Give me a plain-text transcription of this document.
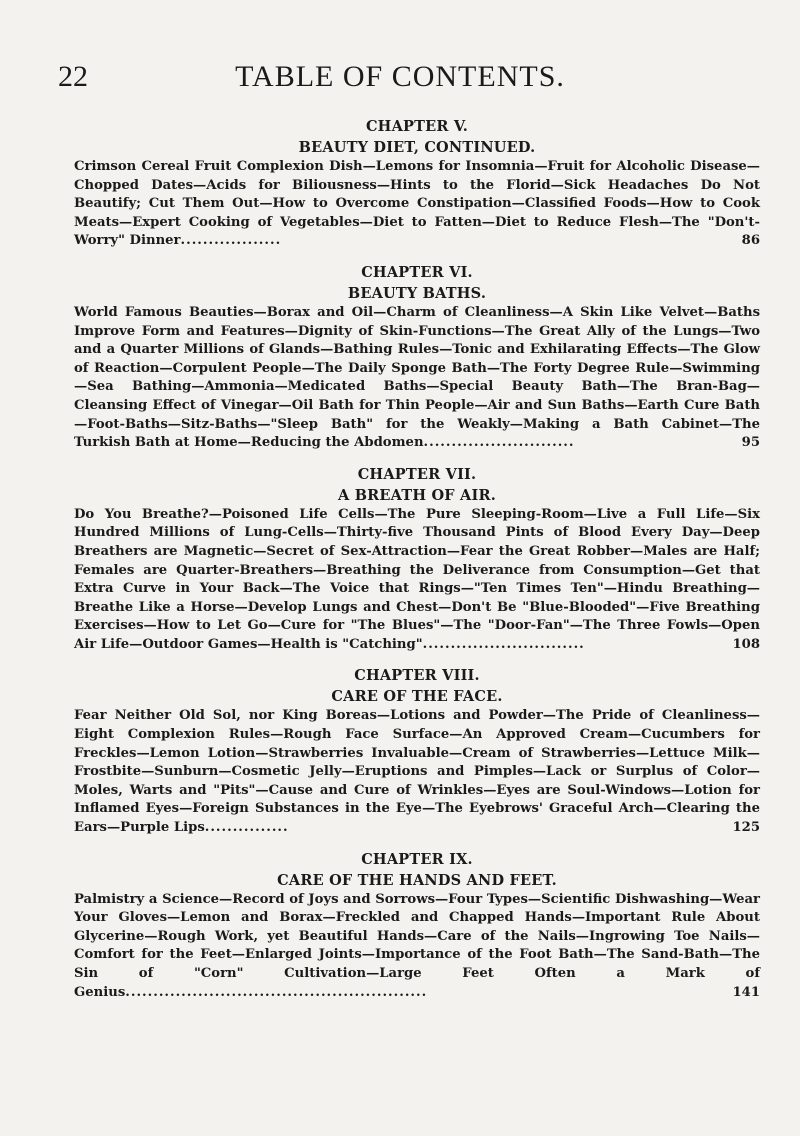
22	TABLE OF CONTENTS.
CHAPTER V.
BEAUTY DIET, CONTINUED.
Crimson Cereal Fruit Complexion Dish—Lemons for Insomnia—Fruit for Alcoholic Disease—Chopped Dates—Acids for Biliousness—Hints to the Florid—Sick Headaches Do Not Beautify; Cut Them Out—How to Overcome Constipation—Classified Foods—How to Cook Meats—Expert Cooking of Vegetables—Diet to Fatten—Diet to Reduce Flesh—The "Don't-Worry" Dinner..................	86
CHAPTER VI.
BEAUTY BATHS.
World Famous Beauties—Borax and Oil—Charm of Cleanliness—A Skin Like Velvet—Baths Improve Form and Features—Dignity of Skin-Functions—The Great Ally of the Lungs—Two and a Quarter Millions of Glands—Bathing Rules—Tonic and Exhilarating Effects—The Glow of Reaction—Corpulent People—The Daily Sponge Bath—The Forty Degree Rule—Swimming—Sea Bathing—Ammonia—Medicated Baths—Special Beauty Bath—The Bran-Bag—Cleansing Effect of Vinegar—Oil Bath for Thin People—Air and Sun Baths—Earth Cure Bath—Foot-Baths—Sitz-Baths—"Sleep Bath" for the Weakly—Making a Bath Cabinet—The Turkish Bath at Home—Reducing the Abdomen...........................	95
CHAPTER VII.
A BREATH OF AIR.
Do You Breathe?—Poisoned Life Cells—The Pure Sleeping-Room—Live a Full Life—Six Hundred Millions of Lung-Cells—Thirty-five Thousand Pints of Blood Every Day—Deep Breathers are Magnetic—Secret of Sex-Attraction—Fear the Great Robber—Males are Half; Females are Quarter-Breathers—Breathing the Deliverance from Consumption—Get that Extra Curve in Your Back—The Voice that Rings—"Ten Times Ten"—Hindu Breathing—Breathe Like a Horse—Develop Lungs and Chest—Don't Be "Blue-Blooded"—Five Breathing Exercises—How to Let Go—Cure for "The Blues"—The "Door-Fan"—The Three Fowls—Open Air Life—Outdoor Games—Health is "Catching".............................	108
CHAPTER VIII.
CARE OF THE FACE.
Fear Neither Old Sol, nor King Boreas—Lotions and Powder—The Pride of Cleanliness—Eight Complexion Rules—Rough Face Surface—An Approved Cream—Cucumbers for Freckles—Lemon Lotion—Strawberries Invaluable—Cream of Strawberries—Lettuce Milk—Frostbite—Sunburn—Cosmetic Jelly—Eruptions and Pimples—Lack or Surplus of Color—Moles, Warts and "Pits"—Cause and Cure of Wrinkles—Eyes are Soul-Windows—Lotion for Inflamed Eyes—Foreign Substances in the Eye—The Eyebrows' Graceful Arch—Clearing the Ears—Purple Lips...............	125
CHAPTER IX.
CARE OF THE HANDS AND FEET.
Palmistry a Science—Record of Joys and Sorrows—Four Types—Scientific Dishwashing—Wear Your Gloves—Lemon and Borax—Freckled and Chapped Hands—Important Rule About Glycerine—Rough Work, yet Beautiful Hands—Care of the Nails—Ingrowing Toe Nails—Comfort for the Feet—Enlarged Joints—Importance of the Foot Bath—The Sand-Bath—The Sin of "Corn" Cultivation—Large Feet Often a Mark of Genius......................................................	141
